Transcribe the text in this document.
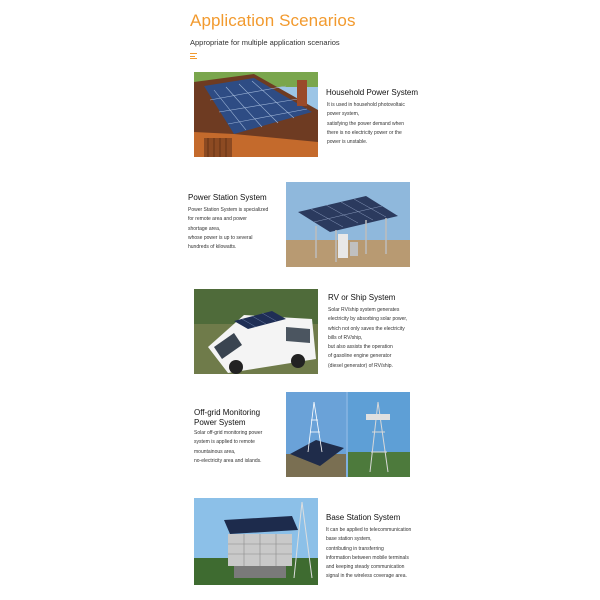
Application Scenarios
Appropriate for multiple application scenarios
Household Power System
It is used in household photovoltaic
power system,
satisfying the power demand when
there is no electricity power or the
power is unstable.
Power Station System
Power Station System is specialized
for remote area and power
shortage area,
whose power is up to several
hundreds of kilowatts.
RV or Ship System
Solar RV/ship system generates
electricity by absorbing solar power,
which not only saves the electricity
bills of RV/ship,
but also assists the operation
of gasoline engine generator
(diesel generator) of RV/ship.
Off-grid Monitoring
Power System
Solar off-grid monitoring power
system is applied to remote
mountainous area,
no-electricity area and islands.
Base Station System
It can be applied to telecommunication
base station system,
contributing in transferring
information between mobile terminals
and keeping steady communication
signal in the wireless coverage area.
